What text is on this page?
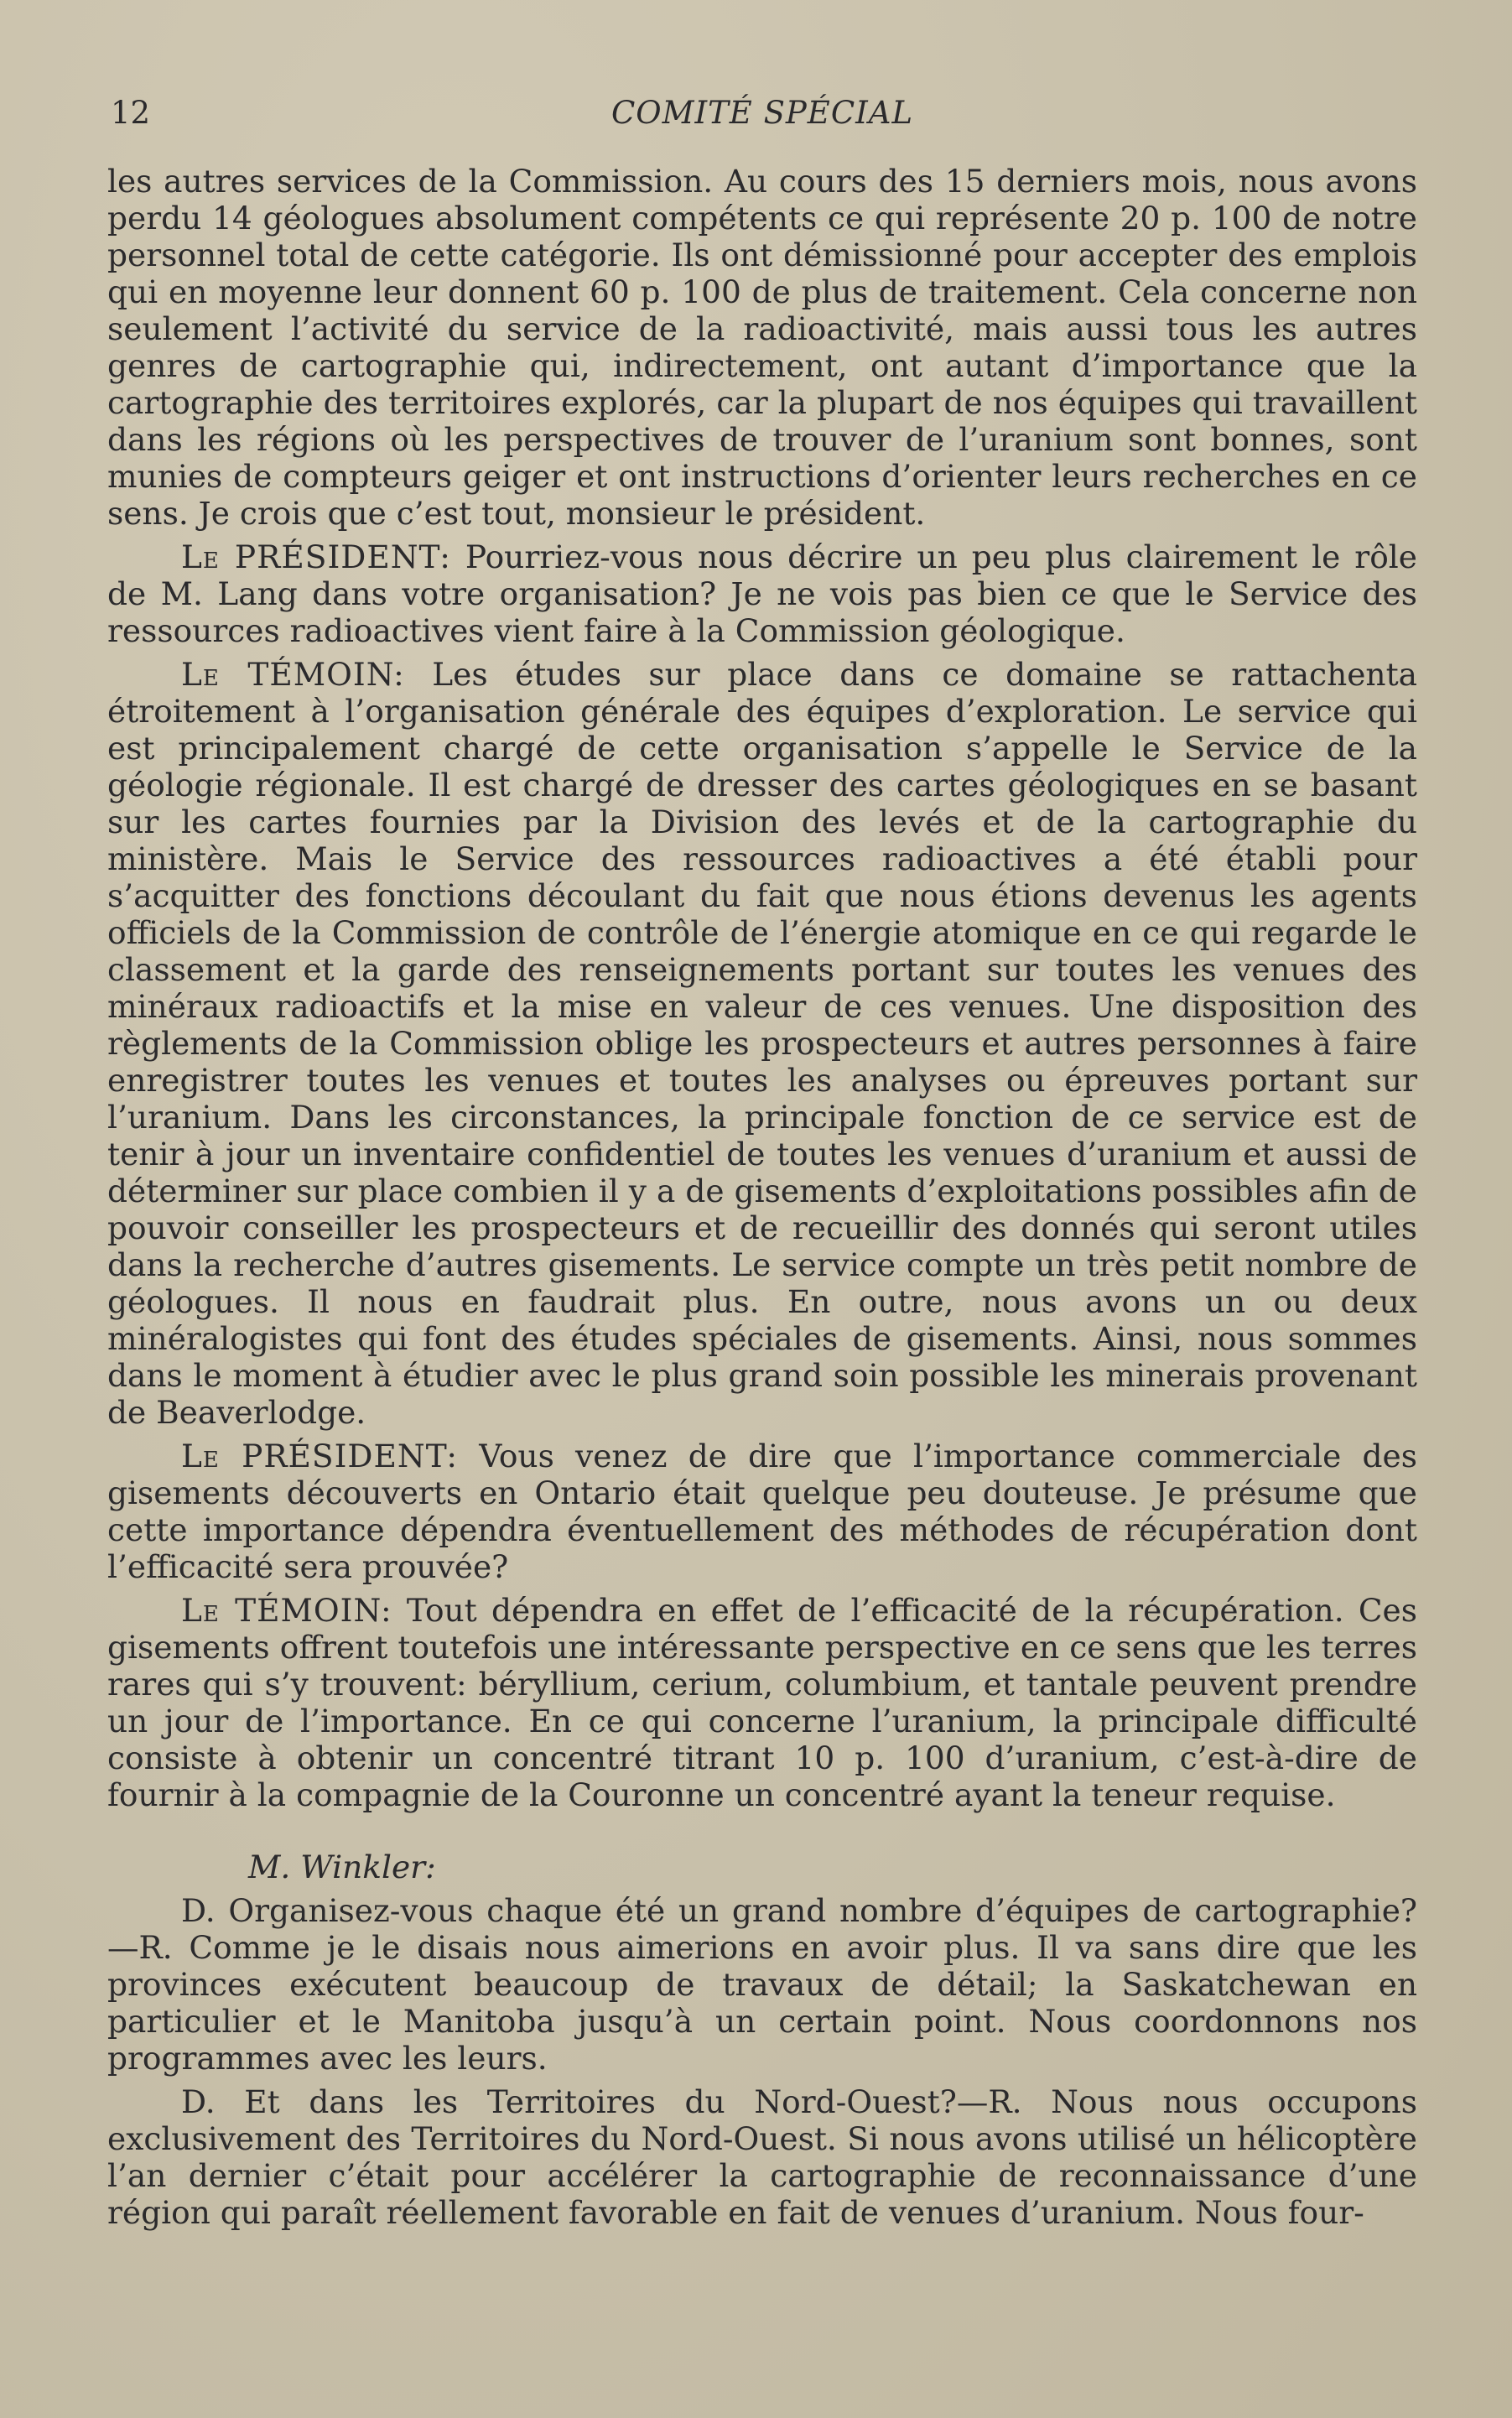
12	COMITÉ SPÉCIAL

les autres services de la Commission. Au cours des 15 derniers mois, nous avons perdu 14 géologues absolument compétents ce qui représente 20 p. 100 de notre personnel total de cette catégorie. Ils ont démissionné pour accepter des emplois qui en moyenne leur donnent 60 p. 100 de plus de traitement. Cela concerne non seulement l’activité du service de la radioactivité, mais aussi tous les autres genres de cartographie qui, indirectement, ont autant d’importance que la cartographie des territoires explorés, car la plupart de nos équipes qui travaillent dans les régions où les perspectives de trouver de l’uranium sont bonnes, sont munies de compteurs geiger et ont instructions d’orienter leurs recherches en ce sens. Je crois que c’est tout, monsieur le président.

Le PRÉSIDENT: Pourriez-vous nous décrire un peu plus clairement le rôle de M. Lang dans votre organisation? Je ne vois pas bien ce que le Service des ressources radioactives vient faire à la Commission géologique.

Le TÉMOIN: Les études sur place dans ce domaine se rattachenta étroitement à l’organisation générale des équipes d’exploration. Le service qui est principalement chargé de cette organisation s’appelle le Service de la géologie régionale. Il est chargé de dresser des cartes géologiques en se basant sur les cartes fournies par la Division des levés et de la cartographie du ministère. Mais le Service des ressources radioactives a été établi pour s’acquitter des fonctions découlant du fait que nous étions devenus les agents officiels de la Commission de contrôle de l’énergie atomique en ce qui regarde le classement et la garde des renseignements portant sur toutes les venues des minéraux radioactifs et la mise en valeur de ces venues. Une disposition des règlements de la Commission oblige les prospecteurs et autres personnes à faire enregistrer toutes les venues et toutes les analyses ou épreuves portant sur l’uranium. Dans les circonstances, la principale fonction de ce service est de tenir à jour un inventaire confidentiel de toutes les venues d’uranium et aussi de déterminer sur place combien il y a de gisements d’exploitations possibles afin de pouvoir conseiller les prospecteurs et de recueillir des donnés qui seront utiles dans la recherche d’autres gisements. Le service compte un très petit nombre de géologues. Il nous en faudrait plus. En outre, nous avons un ou deux minéralogistes qui font des études spéciales de gisements. Ainsi, nous sommes dans le moment à étudier avec le plus grand soin possible les minerais provenant de Beaverlodge.

Le PRÉSIDENT: Vous venez de dire que l’importance commerciale des gisements découverts en Ontario était quelque peu douteuse. Je présume que cette importance dépendra éventuellement des méthodes de récupération dont l’efficacité sera prouvée?

Le TÉMOIN: Tout dépendra en effet de l’efficacité de la récupération. Ces gisements offrent toutefois une intéressante perspective en ce sens que les terres rares qui s’y trouvent: béryllium, cerium, columbium, et tantale peuvent prendre un jour de l’importance. En ce qui concerne l’uranium, la principale difficulté consiste à obtenir un concentré titrant 10 p. 100 d’uranium, c’est-à-dire de fournir à la compagnie de la Couronne un concentré ayant la teneur requise.

M. Winkler:

D. Organisez-vous chaque été un grand nombre d’équipes de cartographie?—R. Comme je le disais nous aimerions en avoir plus. Il va sans dire que les provinces exécutent beaucoup de travaux de détail; la Saskatchewan en particulier et le Manitoba jusqu’à un certain point. Nous coordonnons nos programmes avec les leurs.

D. Et dans les Territoires du Nord-Ouest?—R. Nous nous occupons exclusivement des Territoires du Nord-Ouest. Si nous avons utilisé un hélicoptère l’an dernier c’était pour accélérer la cartographie de reconnaissance d’une région qui paraît réellement favorable en fait de venues d’uranium. Nous four-
